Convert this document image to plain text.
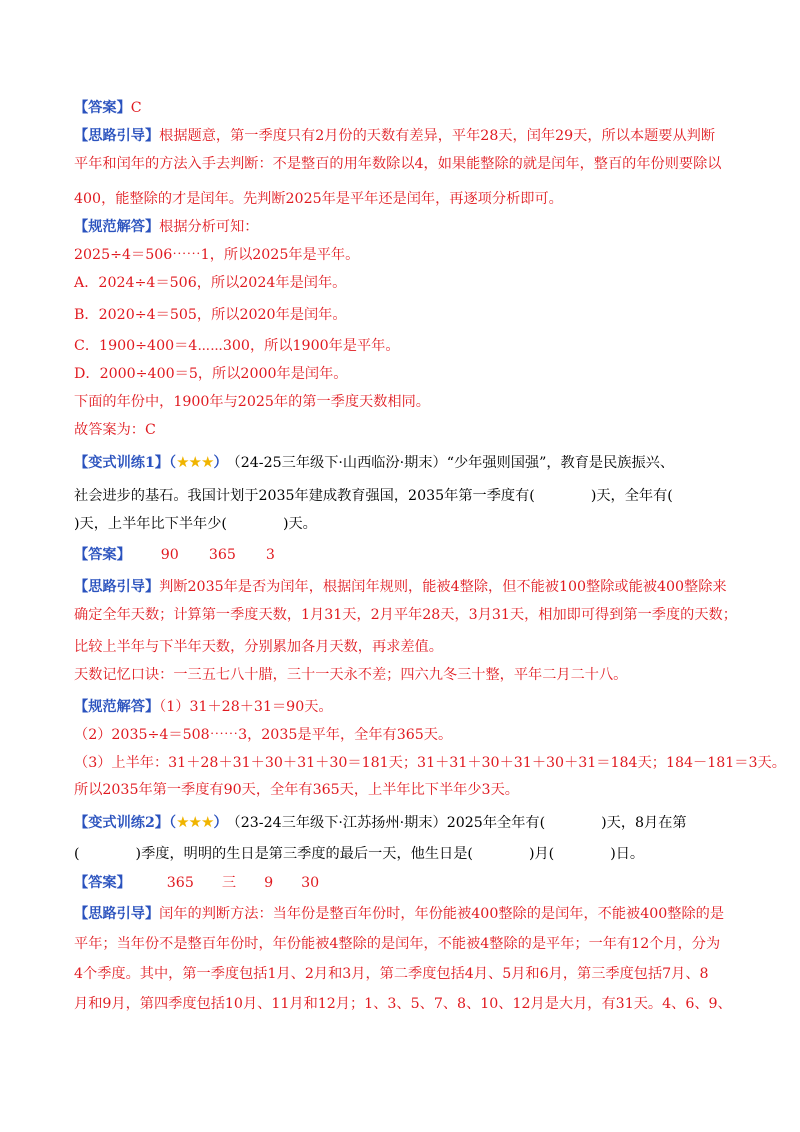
【答案】C
【思路引导】根据题意，第一季度只有2月份的天数有差异，平年28天，闰年29天，所以本题要从判断
平年和闰年的方法入手去判断：不是整百的用年数除以4，如果能整除的就是闰年，整百的年份则要除以
400，能整除的才是闰年。先判断2025年是平年还是闰年，再逐项分析即可。
【规范解答】根据分析可知：
2025÷4＝506⋯⋯1，所以2025年是平年。
A．2024÷4＝506，所以2024年是闰年。
B．2020÷4＝505，所以2020年是闰年。
C．1900÷400＝4⋯⋯300，所以1900年是平年。
D．2000÷400＝5，所以2000年是闰年。
下面的年份中，1900年与2025年的第一季度天数相同。
故答案为：C
【变式训练1】（★★★） （24-25三年级下·山西临汾·期末）“少年强则国强”，教育是民族振兴、
社会进步的基石。我国计划于2035年建成教育强国，2035年第一季度有(	)天，全年有(
)天，上半年比下半年少(	)天。
【答案】 90 365 3
【思路引导】判断2035年是否为闰年，根据闰年规则，能被4整除，但不能被100整除或能被400整除来
确定全年天数；计算第一季度天数，1月31天，2月平年28天，3月31天，相加即可得到第一季度的天数；
比较上半年与下半年天数，分别累加各月天数，再求差值。
天数记忆口诀：一三五七八十腊，三十一天永不差；四六九冬三十整，平年二月二十八。
【规范解答】（1）31＋28＋31＝90天。
（2）2035÷4＝508⋯⋯3，2035是平年，全年有365天。
（3）上半年：31＋28＋31＋30＋31＋30＝181天；31＋31＋30＋31＋30＋31＝184天；184－181＝3天。
所以2035年第一季度有90天，全年有365天，上半年比下半年少3天。
【变式训练2】（★★★） （23-24三年级下·江苏扬州·期末）2025年全年有(	)天，8月在第
(	)季度，明明的生日是第三季度的最后一天，他生日是(	)月(	)日。
【答案】	365 三 9 30
【思路引导】闰年的判断方法：当年份是整百年份时，年份能被400整除的是闰年，不能被400整除的是
平年；当年份不是整百年份时，年份能被4整除的是闰年，不能被4整除的是平年；一年有12个月，分为
4个季度。其中，第一季度包括1月、2月和3月，第二季度包括4月、5月和6月，第三季度包括7月、8
月和9月，第四季度包括10月、11月和12月；1、3、5、7、8、10、12月是大月，有31天。4、6、9、
